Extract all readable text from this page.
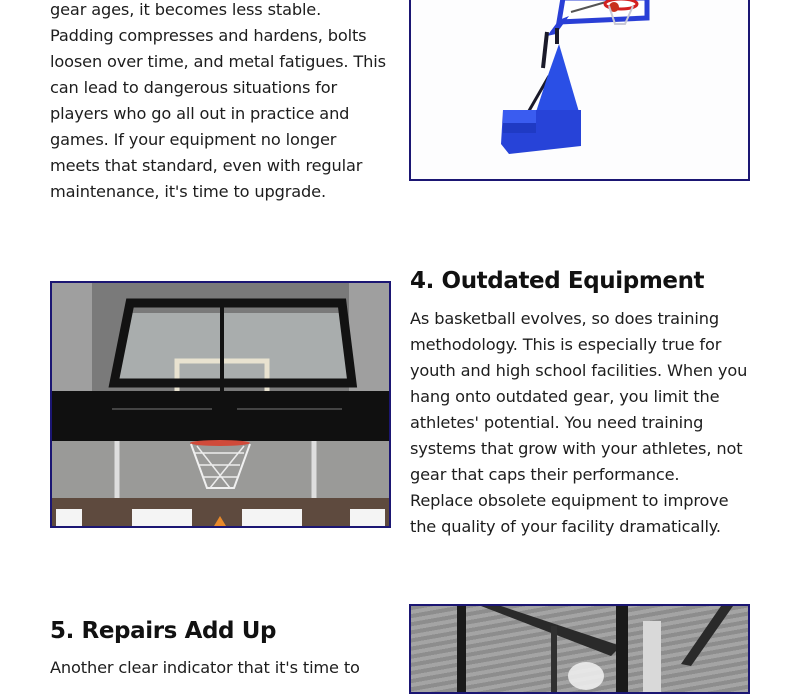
gear ages, it becomes less stable.
Padding compresses and hardens, bolts
loosen over time, and metal fatigues. This
can lead to dangerous situations for
players who go all out in practice and
games. If your equipment no longer
meets that standard, even with regular
maintenance, it's time to upgrade.

4. Outdated Equipment

As basketball evolves, so does training
methodology. This is especially true for
youth and high school facilities. When you
hang onto outdated gear, you limit the
athletes' potential. You need training
systems that grow with your athletes, not
gear that caps their performance.
Replace obsolete equipment to improve
the quality of your facility dramatically.

5. Repairs Add Up

Another clear indicator that it's time to
